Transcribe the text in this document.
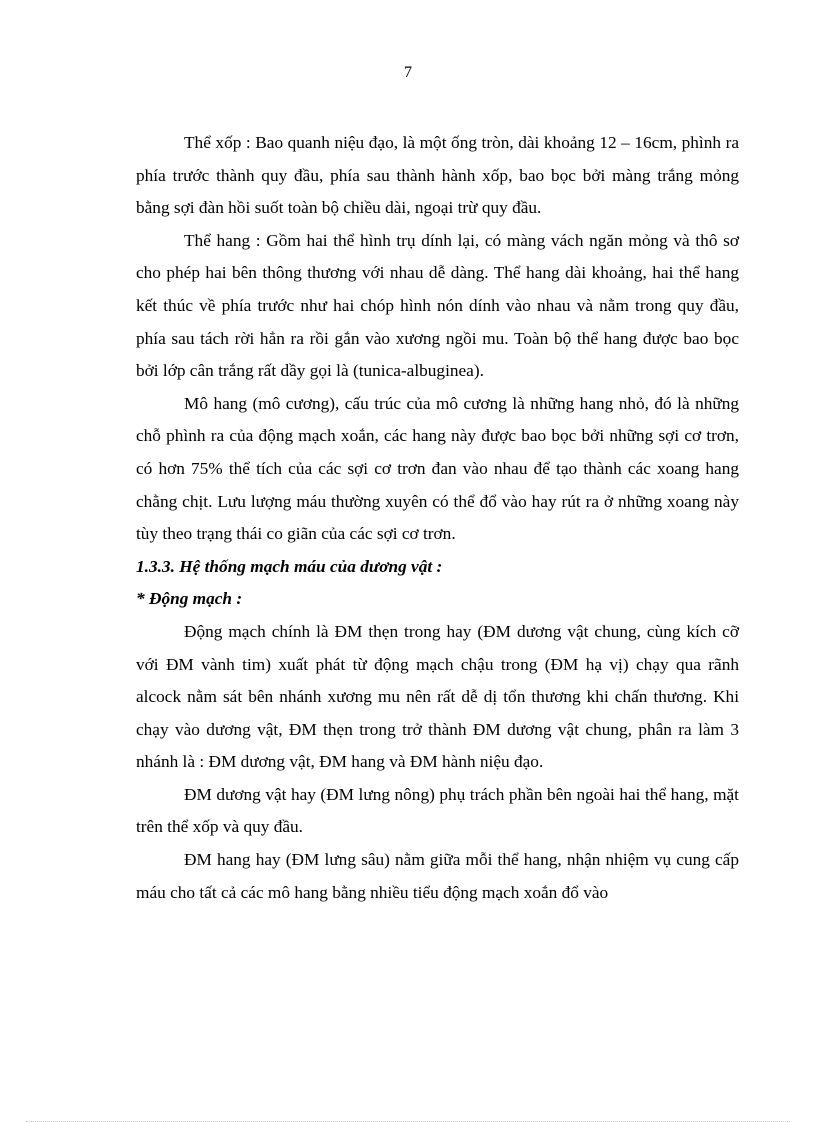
7

Thể xốp : Bao quanh niệu đạo, là một ống tròn, dài khoảng 12 – 16cm, phình ra phía trước thành quy đầu, phía sau thành hành xốp, bao bọc bởi màng trắng mỏng bằng sợi đàn hồi suốt toàn bộ chiều dài, ngoại trừ quy đầu.

Thể hang : Gồm hai thể hình trụ dính lại, có màng vách ngăn mỏng và thô sơ cho phép hai bên thông thương với nhau dễ dàng. Thể hang dài khoảng, hai thể hang kết thúc về phía trước như hai chóp hình nón dính vào nhau và nằm trong quy đầu, phía sau tách rời hẳn ra rồi gắn vào xương ngồi mu. Toàn bộ thể hang được bao bọc bởi lớp cân trắng rất dầy gọi là (tunica-albuginea).

Mô hang (mô cương), cấu trúc của mô cương là những hang nhỏ, đó là những chỗ phình ra của động mạch xoắn, các hang này được bao bọc bởi những sợi cơ trơn, có hơn 75% thể tích của các sợi cơ trơn đan vào nhau để tạo thành các xoang hang chằng chịt. Lưu lượng máu thường xuyên có thể đổ vào hay rút ra ở những xoang này tùy theo trạng thái co giãn của các sợi cơ trơn.

1.3.3. Hệ thống mạch máu của dương vật :

* Động mạch :

Động mạch chính là ĐM thẹn trong hay (ĐM dương vật chung, cùng kích cỡ với ĐM vành tim) xuất phát từ động mạch chậu trong (ĐM hạ vị) chạy qua rãnh alcock nằm sát bên nhánh xương mu nên rất dễ dị tổn thương khi chấn thương. Khi chạy vào dương vật, ĐM thẹn trong trở thành ĐM dương vật chung, phân ra làm 3 nhánh là : ĐM dương vật, ĐM hang và ĐM hành niệu đạo.

ĐM dương vật hay (ĐM lưng nông) phụ trách phần bên ngoài hai thể hang, mặt trên thể xốp và quy đầu.

ĐM hang hay (ĐM lưng sâu) nằm giữa mỗi thể hang, nhận nhiệm vụ cung cấp máu cho tất cả các mô hang bằng nhiều tiểu động mạch xoắn đổ vào
